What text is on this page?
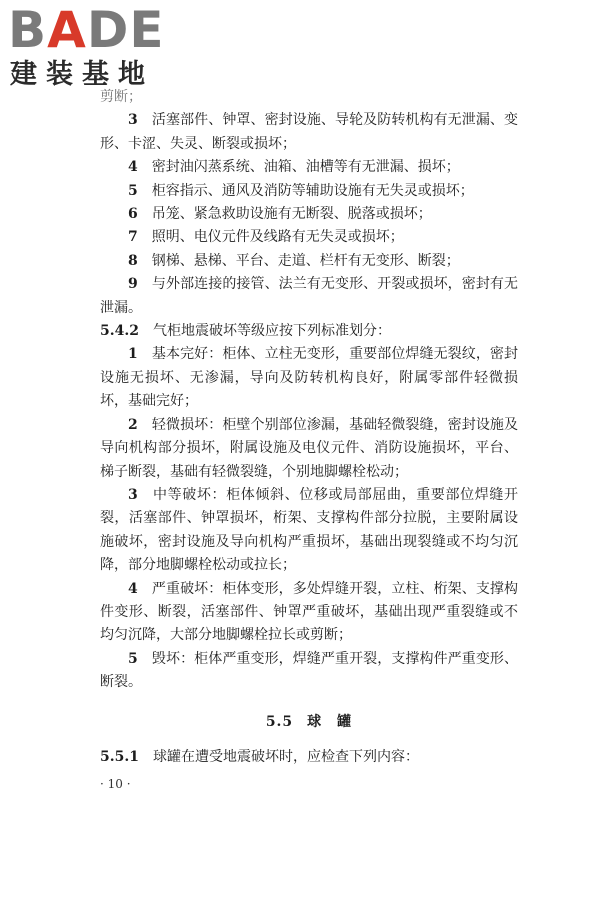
BADE
建装基地

剪断；

3　 活塞部件、钟罩、密封设施、导轮及防转机构有无泄漏、变形、卡涩、失灵、断裂或损坏；

4　 密封油闪蒸系统、油箱、油槽等有无泄漏、损坏；

5　 柜容指示、通风及消防等辅助设施有无失灵或损坏；

6　 吊笼、紧急救助设施有无断裂、脱落或损坏；

7　 照明、电仪元件及线路有无失灵或损坏；

8　 钢梯、悬梯、平台、走道、栏杆有无变形、断裂；

9　 与外部连接的接管、法兰有无变形、开裂或损坏，密封有无泄漏。

5.4.2　 气柜地震破坏等级应按下列标准划分：

1　 基本完好：柜体、立柱无变形，重要部位焊缝无裂纹，密封设施无损坏、无渗漏，导向及防转机构良好，附属零部件轻微损坏，基础完好；

2　 轻微损坏：柜壁个别部位渗漏，基础轻微裂缝，密封设施及导向机构部分损坏，附属设施及电仪元件、消防设施损坏，平台、梯子断裂，基础有轻微裂缝，个别地脚螺栓松动；

3　 中等破坏：柜体倾斜、位移或局部屈曲，重要部位焊缝开裂，活塞部件、钟罩损坏，桁架、支撑构件部分拉脱，主要附属设施破坏，密封设施及导向机构严重损坏，基础出现裂缝或不均匀沉降，部分地脚螺栓松动或拉长；

4　 严重破坏：柜体变形，多处焊缝开裂，立柱、桁架、支撑构件变形、断裂，活塞部件、钟罩严重破坏，基础出现严重裂缝或不均匀沉降，大部分地脚螺栓拉长或剪断；

5　 毁坏：柜体严重变形，焊缝严重开裂，支撑构件严重变形、断裂。

5.5 球　罐

5.5.1　 球罐在遭受地震破坏时，应检查下列内容：

· 10 ·
